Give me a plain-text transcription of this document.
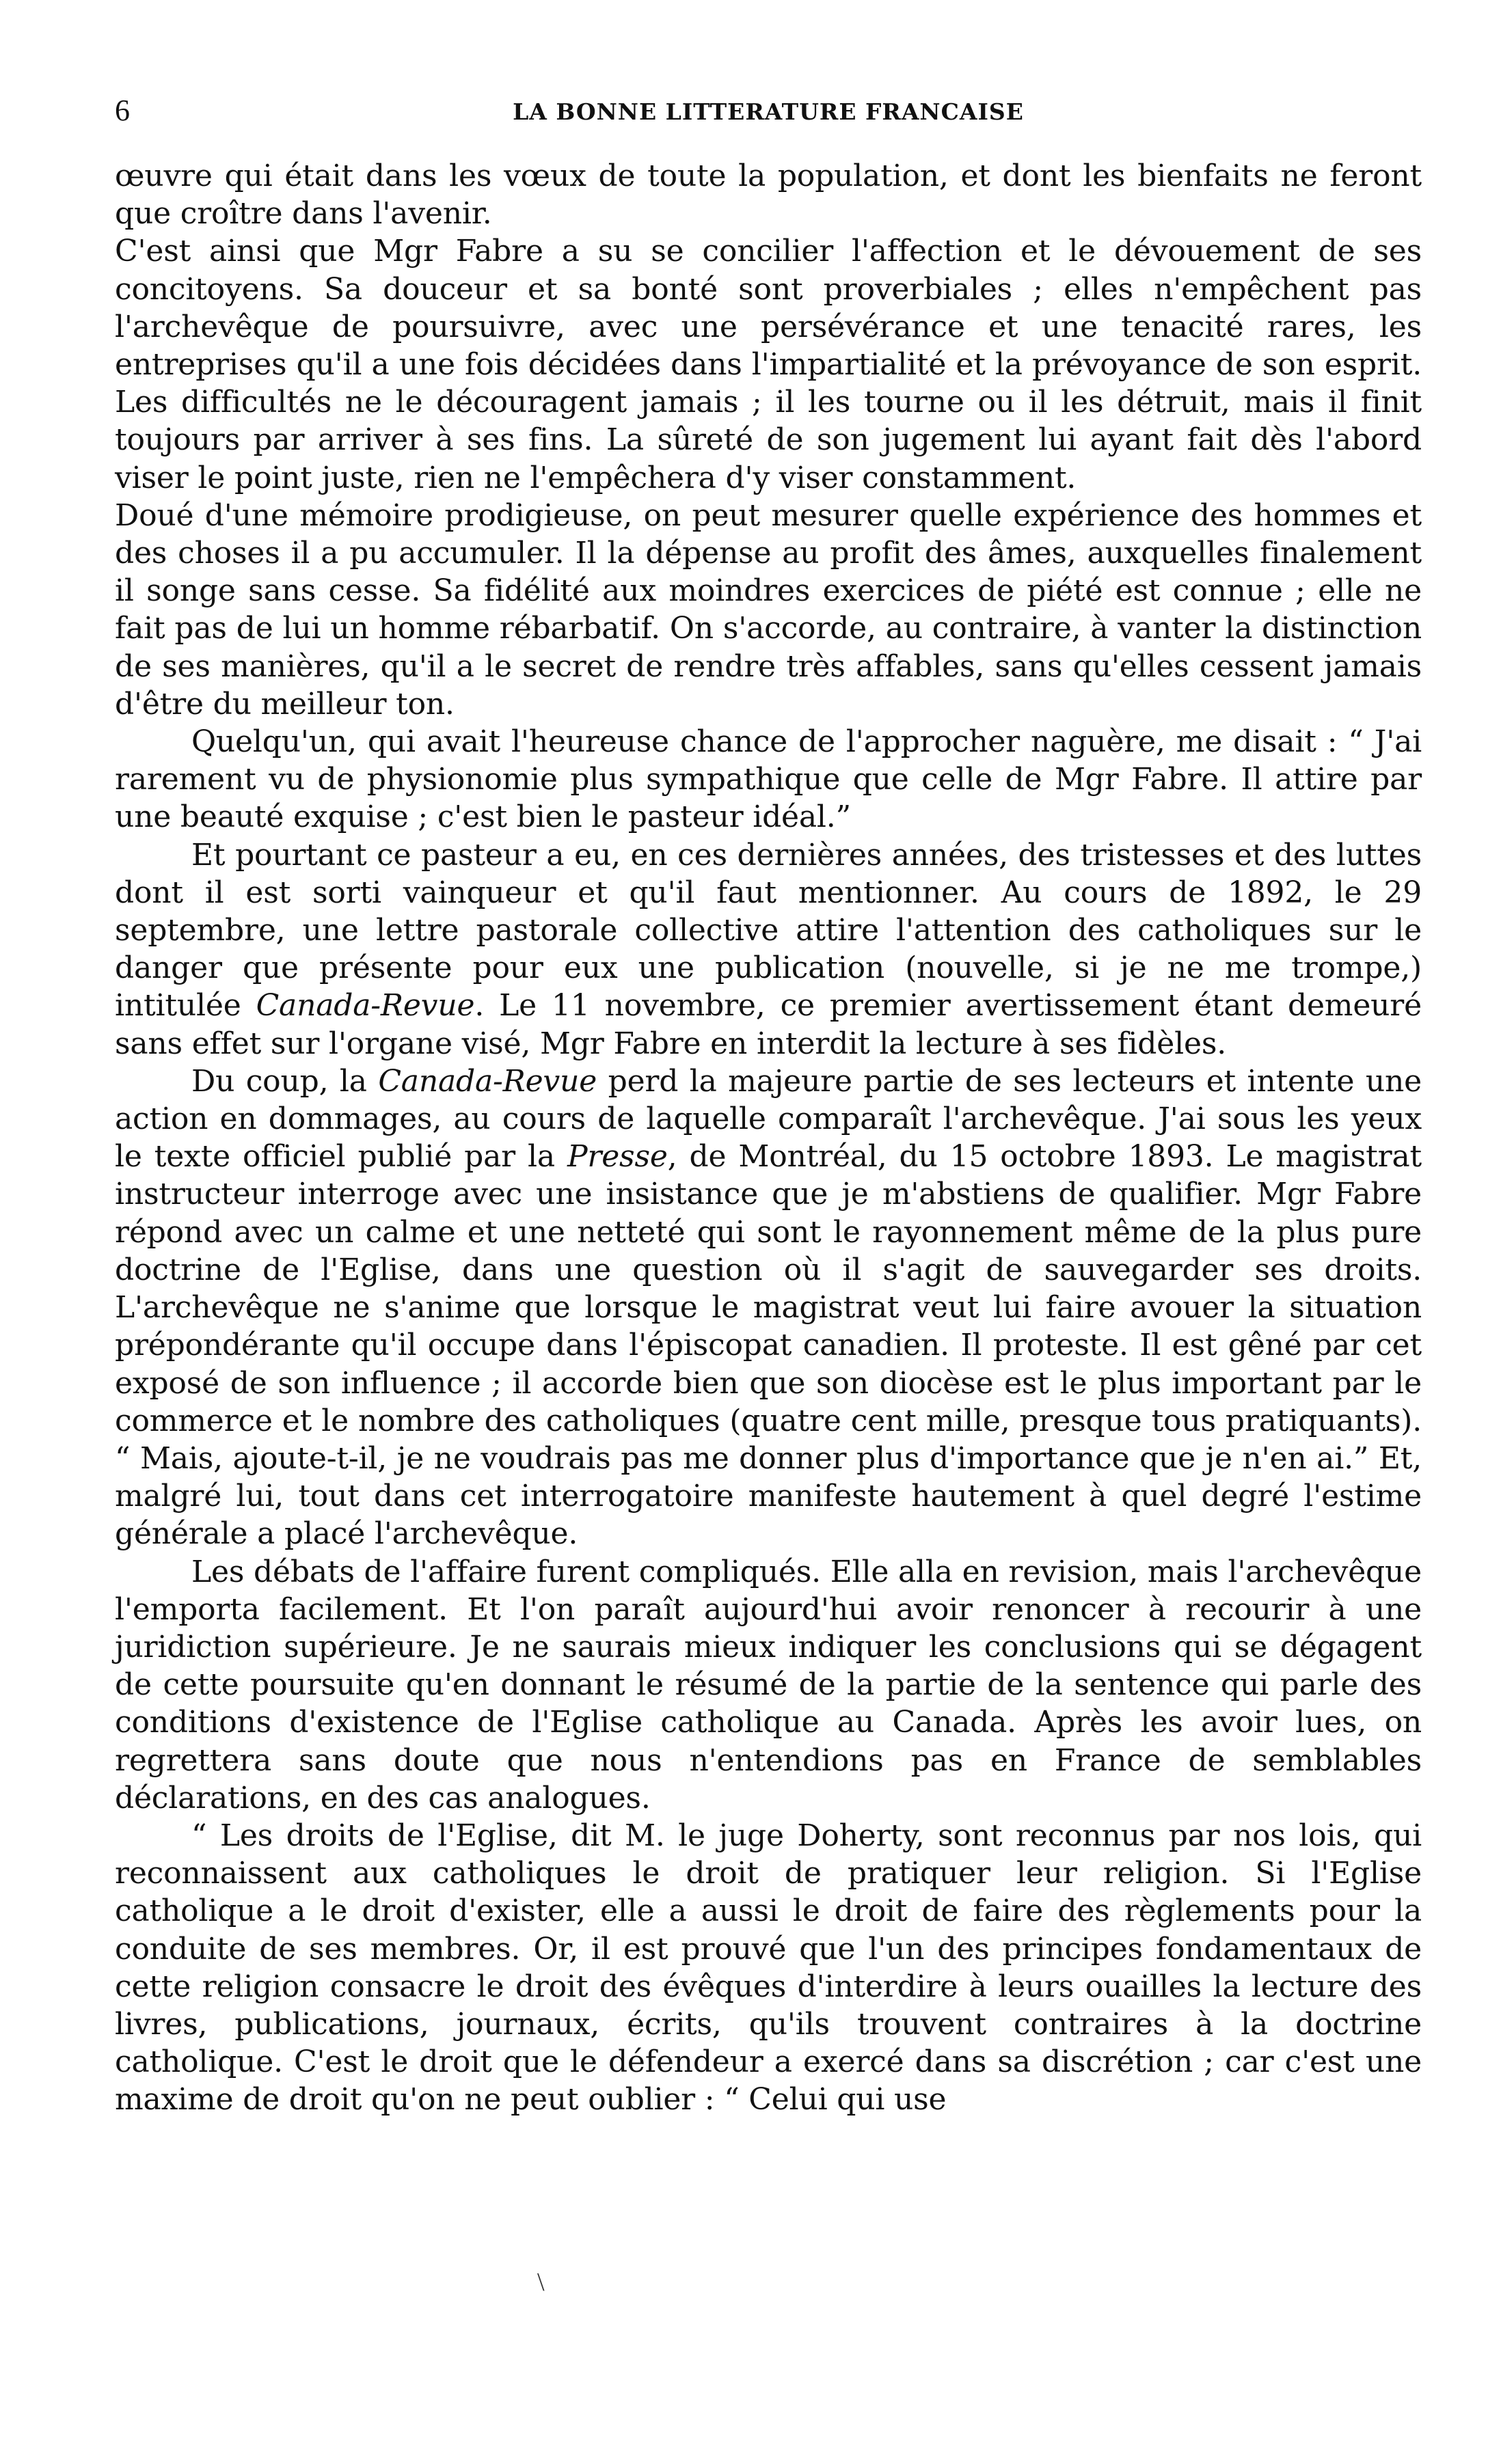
6	LA BONNE LITTERATURE FRANCAISE

œuvre qui était dans les vœux de toute la population, et dont les bienfaits ne feront que croître dans l'avenir.

C'est ainsi que Mgr Fabre a su se concilier l'affection et le dévouement de ses concitoyens. Sa douceur et sa bonté sont proverbiales ; elles n'empêchent pas l'archevêque de poursuivre, avec une persévérance et une tenacité rares, les entreprises qu'il a une fois décidées dans l'impartialité et la prévoyance de son esprit. Les difficultés ne le découragent jamais ; il les tourne ou il les détruit, mais il finit toujours par arriver à ses fins. La sûreté de son jugement lui ayant fait dès l'abord viser le point juste, rien ne l'empêchera d'y viser constamment.

Doué d'une mémoire prodigieuse, on peut mesurer quelle expérience des hommes et des choses il a pu accumuler. Il la dépense au profit des âmes, auxquelles finalement il songe sans cesse. Sa fidélité aux moindres exercices de piété est connue ; elle ne fait pas de lui un homme rébarbatif. On s'accorde, au contraire, à vanter la distinction de ses manières, qu'il a le secret de rendre très affables, sans qu'elles cessent jamais d'être du meilleur ton.

Quelqu'un, qui avait l'heureuse chance de l'approcher naguère, me disait : “ J'ai rarement vu de physionomie plus sympathique que celle de Mgr Fabre. Il attire par une beauté exquise ; c'est bien le pasteur idéal.”

Et pourtant ce pasteur a eu, en ces dernières années, des tristesses et des luttes dont il est sorti vainqueur et qu'il faut mentionner. Au cours de 1892, le 29 septembre, une lettre pastorale collective attire l'attention des catholiques sur le danger que présente pour eux une publication (nouvelle, si je ne me trompe,) intitulée Canada-Revue. Le 11 novembre, ce premier avertissement étant demeuré sans effet sur l'organe visé, Mgr Fabre en interdit la lecture à ses fidèles.

Du coup, la Canada-Revue perd la majeure partie de ses lecteurs et intente une action en dommages, au cours de laquelle comparaît l'archevêque. J'ai sous les yeux le texte officiel publié par la Presse, de Montréal, du 15 octobre 1893. Le magistrat instructeur interroge avec une insistance que je m'abstiens de qualifier. Mgr Fabre répond avec un calme et une netteté qui sont le rayonnement même de la plus pure doctrine de l'Eglise, dans une question où il s'agit de sauvegarder ses droits. L'archevêque ne s'anime que lorsque le magistrat veut lui faire avouer la situation prépondérante qu'il occupe dans l'épiscopat canadien. Il proteste. Il est gêné par cet exposé de son influence ; il accorde bien que son diocèse est le plus important par le commerce et le nombre des catholiques (quatre cent mille, presque tous pratiquants). “ Mais, ajoute-t-il, je ne voudrais pas me donner plus d'importance que je n'en ai.” Et, malgré lui, tout dans cet interrogatoire manifeste hautement à quel degré l'estime générale a placé l'archevêque.

Les débats de l'affaire furent compliqués. Elle alla en revision, mais l'archevêque l'emporta facilement. Et l'on paraît aujourd'hui avoir renoncer à recourir à une juridiction supérieure. Je ne saurais mieux indiquer les conclusions qui se dégagent de cette poursuite qu'en donnant le résumé de la partie de la sentence qui parle des conditions d'existence de l'Eglise catholique au Canada. Après les avoir lues, on regrettera sans doute que nous n'entendions pas en France de semblables déclarations, en des cas analogues.

“ Les droits de l'Eglise, dit M. le juge Doherty, sont reconnus par nos lois, qui reconnaissent aux catholiques le droit de pratiquer leur religion. Si l'Eglise catholique a le droit d'exister, elle a aussi le droit de faire des règlements pour la conduite de ses membres. Or, il est prouvé que l'un des principes fondamentaux de cette religion consacre le droit des évêques d'interdire à leurs ouailles la lecture des livres, publications, journaux, écrits, qu'ils trouvent contraires à la doctrine catholique. C'est le droit que le défendeur a exercé dans sa discrétion ; car c'est une maxime de droit qu'on ne peut oublier : “ Celui qui use

\
